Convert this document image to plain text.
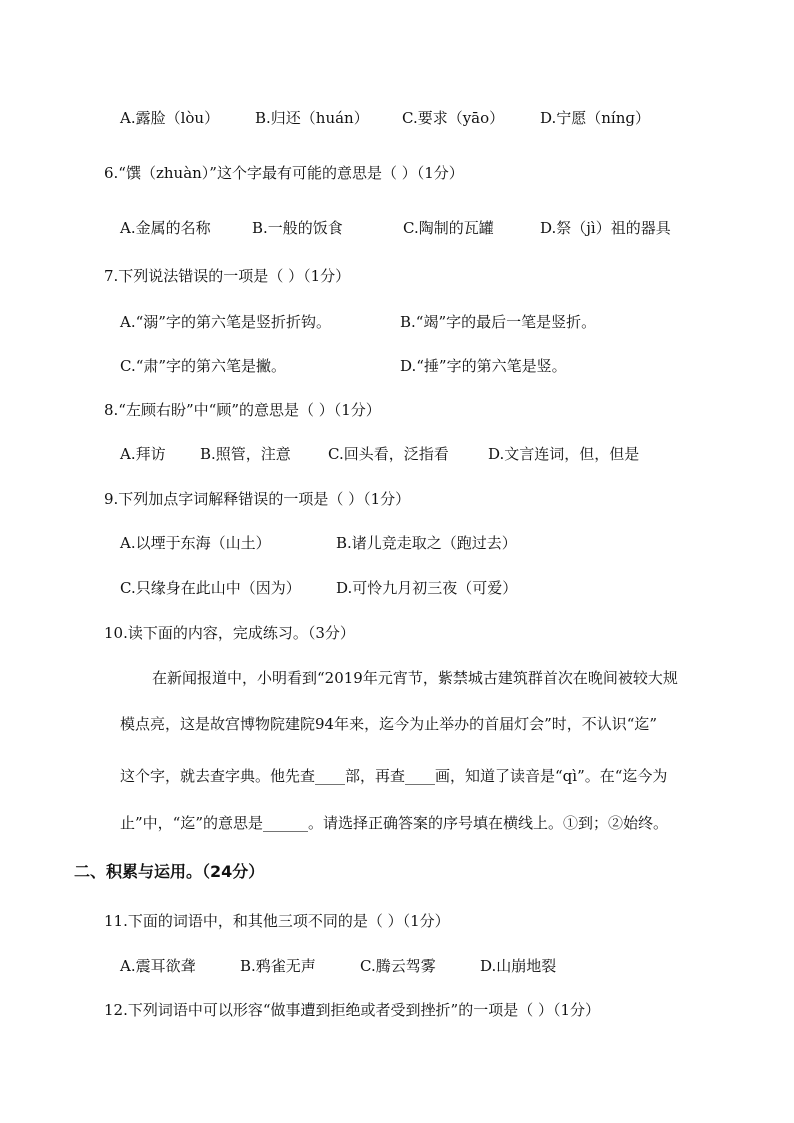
A.露脸（lòu） B.归还（huán） C.要求（yāo） D.宁愿（nínɡ）
6.“馔（zhuàn）”这个字最有可能的意思是（ ）（1分）
A.金属的名称	B.一般的饭食	C.陶制的瓦罐	D.祭（jì）祖的器具
7.下列说法错误的一项是（ ）（1分）
A.“溺”字的第六笔是竖折折钩。	B.“竭”字的最后一笔是竖折。
C.“肃”字的第六笔是撇。	D.“捶”字的第六笔是竖。
8.“左顾右盼”中“顾”的意思是（ ）（1分）
A.拜访 B.照管，注意 C.回头看，泛指看	D.文言连词，但，但是
9.下列加点字词解释错误的一项是（ ）（1分）
A.以堙于东海（山土）	B.诸儿竞走取之（跑过去）
C.只缘身在此山中（因为） D.可怜九月初三夜（可爱）
10.读下面的内容，完成练习。（3分）
在新闻报道中，小明看到“2019年元宵节，紫禁城古建筑群首次在晚间被较大规
模点亮，这是故宫博物院建院94年来，迄今为止举办的首届灯会”时，不认识“迄”
这个字，就去查字典。他先查____部，再查____画，知道了读音是“qì”。在“迄今为
止”中，“迄”的意思是______。请选择正确答案的序号填在横线上。①到；②始终。
二、积累与运用。（24分）
11.下面的词语中，和其他三项不同的是（ ）（1分）
A.震耳欲聋	B.鸦雀无声	C.腾云驾雾	D.山崩地裂
12.下列词语中可以形容“做事遭到拒绝或者受到挫折”的一项是（ ）（1分）
